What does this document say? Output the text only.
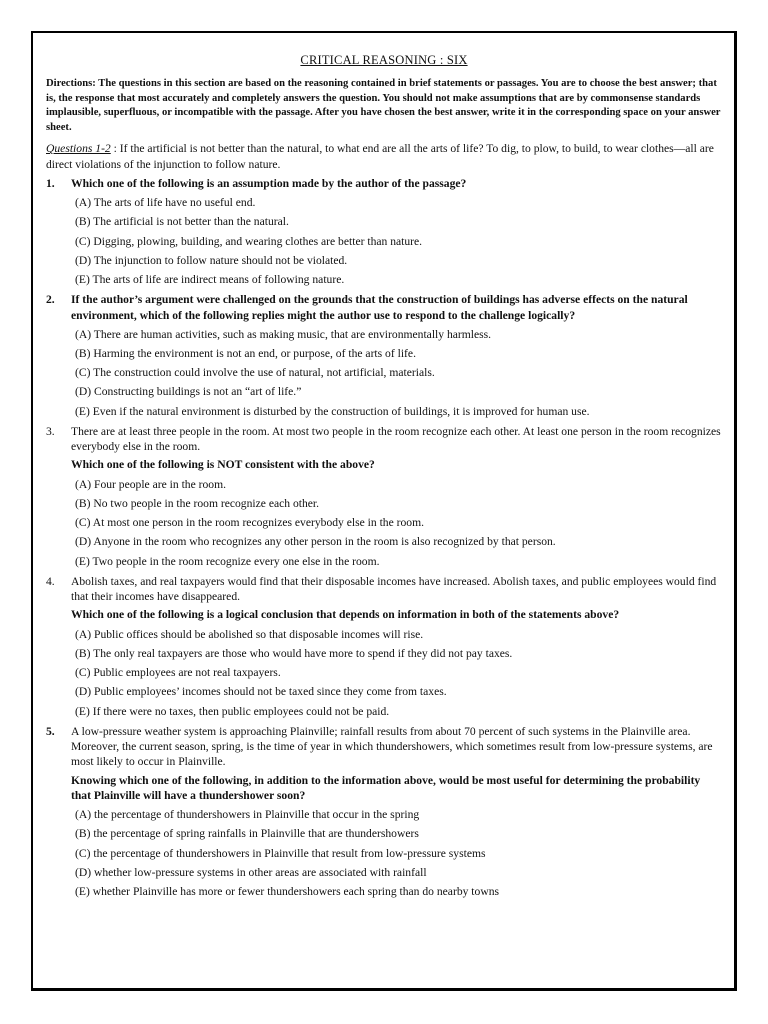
CRITICAL REASONING : SIX
Directions: The questions in this section are based on the reasoning contained in brief statements or passages. You are to choose the best answer; that is, the response that most accurately and completely answers the question. You should not make assumptions that are by commonsense standards implausible, superfluous, or incompatible with the passage. After you have chosen the best answer, write it in the corresponding space on your answer sheet.
Questions 1-2 : If the artificial is not better than the natural, to what end are all the arts of life? To dig, to plow, to build, to wear clothes—all are direct violations of the injunction to follow nature.
1. Which one of the following is an assumption made by the author of the passage?
(A) The arts of life have no useful end.
(B) The artificial is not better than the natural.
(C) Digging, plowing, building, and wearing clothes are better than nature.
(D) The injunction to follow nature should not be violated.
(E) The arts of life are indirect means of following nature.
2. If the author’s argument were challenged on the grounds that the construction of buildings has adverse effects on the natural environment, which of the following replies might the author use to respond to the challenge logically?
(A) There are human activities, such as making music, that are environmentally harmless.
(B) Harming the environment is not an end, or purpose, of the arts of life.
(C) The construction could involve the use of natural, not artificial, materials.
(D) Constructing buildings is not an “art of life.”
(E) Even if the natural environment is disturbed by the construction of buildings, it is improved for human use.
3. There are at least three people in the room. At most two people in the room recognize each other. At least one person in the room recognizes everybody else in the room.
Which one of the following is NOT consistent with the above?
(A) Four people are in the room.
(B) No two people in the room recognize each other.
(C) At most one person in the room recognizes everybody else in the room.
(D) Anyone in the room who recognizes any other person in the room is also recognized by that person.
(E) Two people in the room recognize every one else in the room.
4. Abolish taxes, and real taxpayers would find that their disposable incomes have increased. Abolish taxes, and public employees would find that their incomes have disappeared.
Which one of the following is a logical conclusion that depends on information in both of the statements above?
(A) Public offices should be abolished so that disposable incomes will rise.
(B) The only real taxpayers are those who would have more to spend if they did not pay taxes.
(C) Public employees are not real taxpayers.
(D) Public employees’ incomes should not be taxed since they come from taxes.
(E) If there were no taxes, then public employees could not be paid.
5. A low-pressure weather system is approaching Plainville; rainfall results from about 70 percent of such systems in the Plainville area. Moreover, the current season, spring, is the time of year in which thundershowers, which sometimes result from low-pressure systems, are most likely to occur in Plainville.
Knowing which one of the following, in addition to the information above, would be most useful for determining the probability that Plainville will have a thundershower soon?
(A) the percentage of thundershowers in Plainville that occur in the spring
(B) the percentage of spring rainfalls in Plainville that are thundershowers
(C) the percentage of thundershowers in Plainville that result from low-pressure systems
(D) whether low-pressure systems in other areas are associated with rainfall
(E) whether Plainville has more or fewer thundershowers each spring than do nearby towns
